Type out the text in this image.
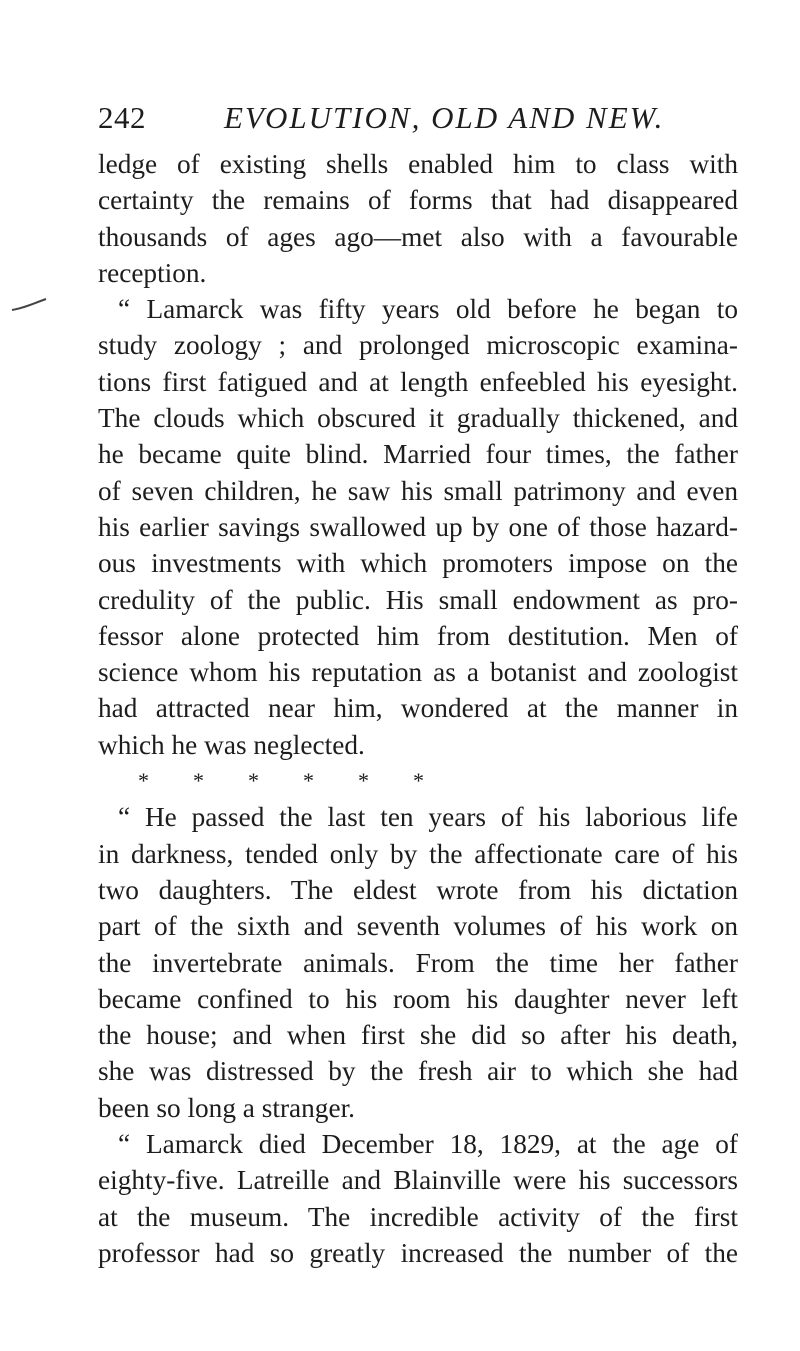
242	EVOLUTION, OLD AND NEW.
ledge of existing shells enabled him to class with
certainty the remains of forms that had disappeared
thousands of ages ago—met also with a favourable
reception.
“ Lamarck was fifty years old before he began to
study zoology ; and prolonged microscopic examina-
tions first fatigued and at length enfeebled his eyesight.
The clouds which obscured it gradually thickened, and
he became quite blind. Married four times, the father
of seven children, he saw his small patrimony and even
his earlier savings swallowed up by one of those hazard-
ous investments with which promoters impose on the
credulity of the public. His small endowment as pro-
fessor alone protected him from destitution. Men of
science whom his reputation as a botanist and zoologist
had attracted near him, wondered at the manner in
which he was neglected.
* * * * * *
“ He passed the last ten years of his laborious life
in darkness, tended only by the affectionate care of his
two daughters. The eldest wrote from his dictation
part of the sixth and seventh volumes of his work on
the invertebrate animals. From the time her father
became confined to his room his daughter never left
the house; and when first she did so after his death,
she was distressed by the fresh air to which she had
been so long a stranger.
“ Lamarck died December 18, 1829, at the age of
eighty-five. Latreille and Blainville were his successors
at the museum. The incredible activity of the first
professor had so greatly increased the number of the
